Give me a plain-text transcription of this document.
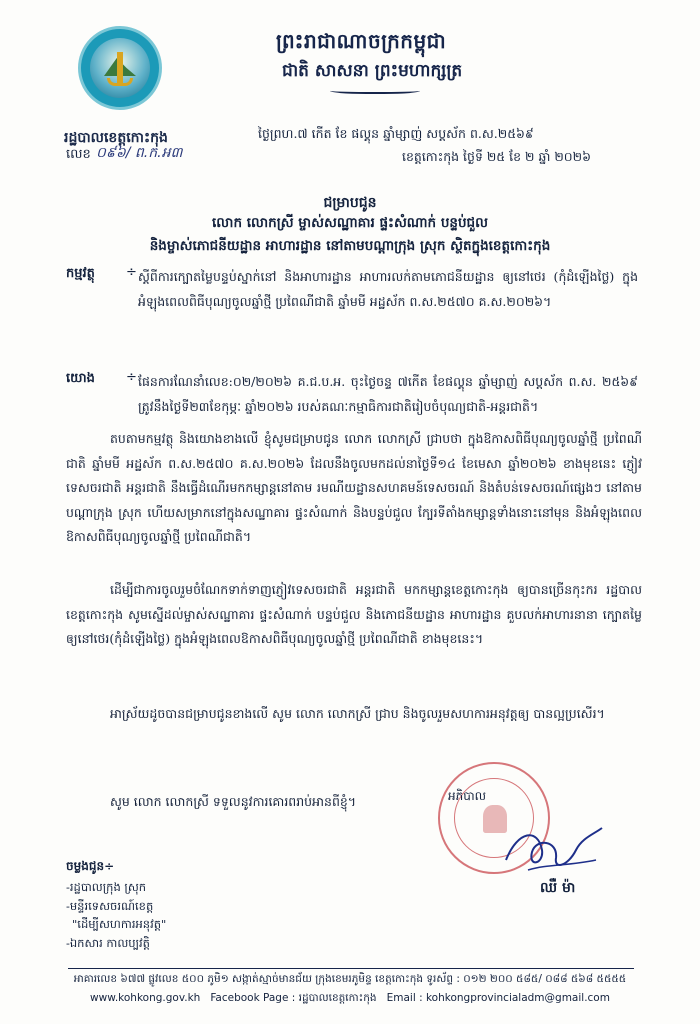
រដ្ឋបាលខេត្តកោះកុង
លេខ ០៩៦/ ព.ក.អ៣
ព្រះរាជាណាចក្រកម្ពុជា
ជាតិ សាសនា ព្រះមហាក្សត្រ
ថ្ងៃព្រហ.៧ កើត ខែ ផល្គុន ឆ្នាំម្សាញ់ សប្តស័ក ព.ស.២៥៦៩
ខេត្តកោះកុង ថ្ងៃទី ២៥ ខែ ២ ឆ្នាំ ២០២៦
ជម្រាបជូន
លោក លោកស្រី ម្ចាស់សណ្ឋាគារ ផ្ទះសំណាក់ បន្ទប់ជួល
និងម្ចាស់ភោជនីយដ្ឋាន អាហារដ្ឋាន នៅតាមបណ្តាក្រុង ស្រុក ស្ថិតក្នុងខេត្តកោះកុង
កម្មវត្ថុ ÷ ស្តីពីការក្បោតម្លៃបន្ទប់ស្នាក់នៅ និងអាហារដ្ឋាន អាហារលក់តាមភោជនីយដ្ឋាន ឲ្យនៅថេរ (កុំដំឡើងថ្លៃ) ក្នុងអំឡុងពេលពិធីបុណ្យចូលឆ្នាំថ្មី ប្រពៃណីជាតិ ឆ្នាំមមី អដ្ឋស័ក ព.ស.២៥៧០ គ.ស.២០២៦។
យោង ÷ ផែនការណែនាំលេខ:០២/២០២៦ គ.ជ.ប.អ. ចុះថ្ងៃចន្ទ ៧កើត ខែផល្គុន ឆ្នាំម្សាញ់ សប្តស័ក ព.ស. ២៥៦៩ ត្រូវនឹងថ្ងៃទី២៣ខែកុម្ភៈ ឆ្នាំ២០២៦ របស់គណៈកម្មាធិការជាតិរៀបចំបុណ្យជាតិ-អន្តរជាតិ។
តបតាមកម្មវត្ថុ និងយោងខាងលើ ខ្ញុំសូមជម្រាបជូន លោក លោកស្រី ជ្រាបថា ក្នុងឱកាសពិធីបុណ្យចូលឆ្នាំថ្មី ប្រពៃណីជាតិ ឆ្នាំមមី អដ្ឋស័ក ព.ស.២៥៧០ គ.ស.២០២៦ ដែលនឹងចូលមកដល់នាថ្ងៃទី១៤ ខែមេសា ឆ្នាំ២០២៦ ខាងមុខនេះ ភ្ញៀវទេសចរជាតិ អន្តរជាតិ នឹងធ្វើដំណើរមកកម្សាន្តនៅតាម រមណីយដ្ឋានសហគមន៍ទេសចរណ៍ និងតំបន់ទេសចរណ៍ផ្សេងៗ នៅតាមបណ្តាក្រុង ស្រុក ហើយសម្រាកនៅក្នុងសណ្ឋាគារ ផ្ទះសំណាក់ និងបន្ទប់ជួល ក្បែរទីតាំងកម្សាន្តទាំងនោះនៅមុន និងអំឡុងពេលឱកាសពិធីបុណ្យចូលឆ្នាំថ្មី ប្រពៃណីជាតិ។
ដើម្បីជាការចូលរួមចំណែកទាក់ទាញភ្ញៀវទេសចរជាតិ អន្តរជាតិ មកកម្សាន្តខេត្តកោះកុង ឲ្យបានច្រើនកុះករ រដ្ឋបាលខេត្តកោះកុង សូមស្នើដល់ម្ចាស់សណ្ឋាគារ ផ្ទះសំណាក់ បន្ទប់ជួល និងភោជនីយដ្ឋាន អាហារដ្ឋាន គួបលក់អាហារនានា ក្បោតម្លៃឲ្យនៅថេរ(កុំដំឡើងថ្លៃ) ក្នុងអំឡុងពេលឱកាសពិធីបុណ្យចូលឆ្នាំថ្មី ប្រពៃណីជាតិ ខាងមុខនេះ។
អាស្រ័យដូចបានជម្រាបជូនខាងលើ សូម លោក លោកស្រី ជ្រាប និងចូលរួមសហការអនុវត្តឲ្យ បានល្អប្រសើរ។
សូម លោក លោកស្រី ទទួលនូវការគោរពរាប់អានពីខ្ញុំ។	អភិបាល
ឈឺ ម៉ា
ចម្លងជូន÷
-រដ្ឋបាលក្រុង ស្រុក
-មន្ទីរទេសចរណ៍ខេត្ត
"ដើម្បីសហការអនុវត្ត"
-ឯកសារ កាលប្បវត្តិ
អាគារលេខ ៦៧៧ ផ្លូវលេខ ៥០០ ភូមិ១ សង្កាត់ស្មាច់មានជ័យ ក្រុងខេមរភូមិន្ទ ខេត្តកោះកុង ទូរស័ព្ទ : ០១២ ២០០ ៥៨៥/ ០៨៨ ៥៦៨ ៥៥៥៥
www.kohkong.gov.kh Facebook Page : រដ្ឋបាលខេត្តកោះកុង Email : kohkongprovincialadm@gmail.com
